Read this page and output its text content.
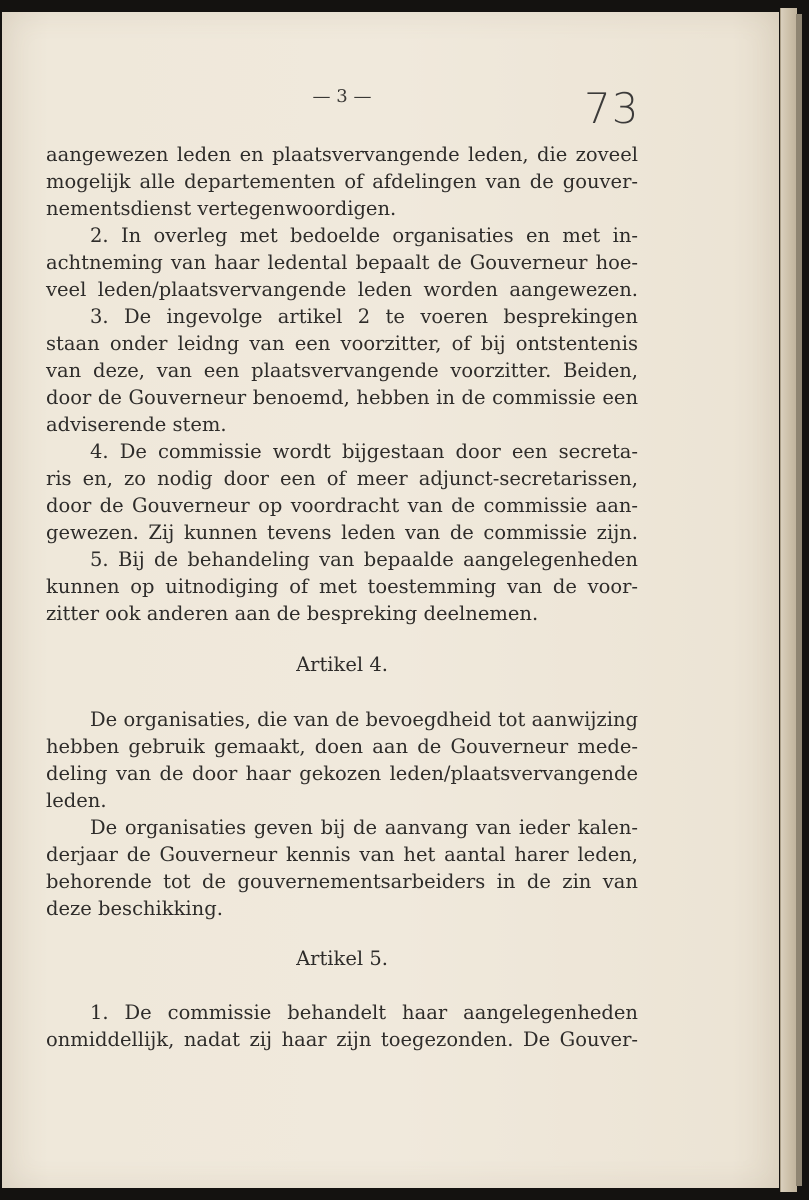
— 3 —	73
aangewezen leden en plaatsvervangende leden, die zoveel
mogelijk alle departementen of afdelingen van de gouver-
nementsdienst vertegenwoordigen.
2. In overleg met bedoelde organisaties en met in-
achtneming van haar ledental bepaalt de Gouverneur hoe-
veel leden/plaatsvervangende leden worden aangewezen.
3. De ingevolge artikel 2 te voeren besprekingen
staan onder leidng van een voorzitter, of bij ontstentenis
van deze, van een plaatsvervangende voorzitter. Beiden,
door de Gouverneur benoemd, hebben in de commissie een
adviserende stem.
4. De commissie wordt bijgestaan door een secreta-
ris en, zo nodig door een of meer adjunct-secretarissen,
door de Gouverneur op voordracht van de commissie aan-
gewezen. Zij kunnen tevens leden van de commissie zijn.
5. Bij de behandeling van bepaalde aangelegenheden
kunnen op uitnodiging of met toestemming van de voor-
zitter ook anderen aan de bespreking deelnemen.
Artikel 4.
De organisaties, die van de bevoegdheid tot aanwijzing
hebben gebruik gemaakt, doen aan de Gouverneur mede-
deling van de door haar gekozen leden/plaatsvervangende
leden.
De organisaties geven bij de aanvang van ieder kalen-
derjaar de Gouverneur kennis van het aantal harer leden,
behorende tot de gouvernementsarbeiders in de zin van
deze beschikking.
Artikel 5.
1. De commissie behandelt haar aangelegenheden
onmiddellijk, nadat zij haar zijn toegezonden. De Gouver-
